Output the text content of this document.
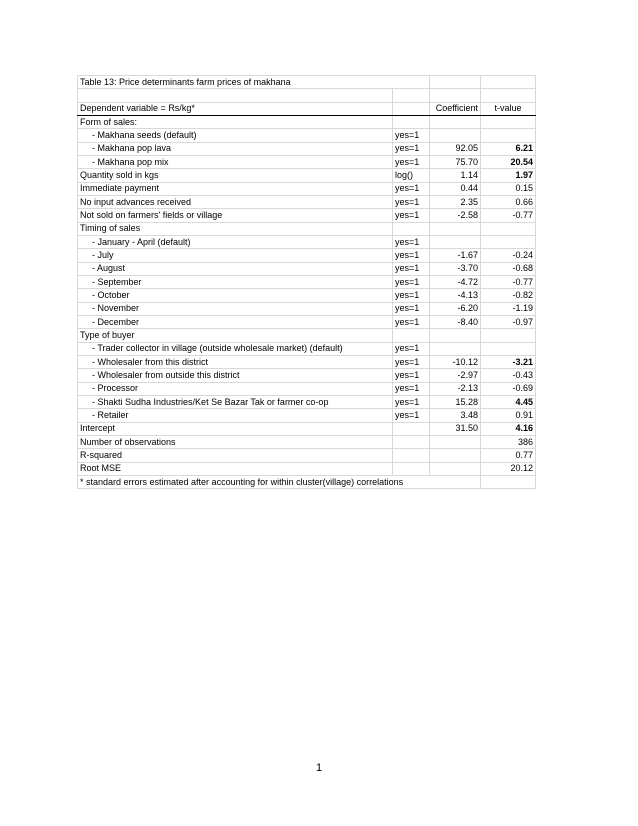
Table 13: Price determinants farm prices of makhana			

Dependent variable = Rs/kg*		Coefficient	t-value
Form of sales:			
- Makhana seeds (default)	yes=1		
- Makhana pop lava	yes=1	92.05	6.21
- Makhana pop mix	yes=1	75.70	20.54
Quantity sold in kgs	log()	1.14	1.97
Immediate payment	yes=1	0.44	0.15
No input advances received	yes=1	2.35	0.66
Not sold on farmers' fields or village	yes=1	-2.58	-0.77
Timing of sales			
- January - April (default)	yes=1		
- July	yes=1	-1.67	-0.24
- August	yes=1	-3.70	-0.68
- September	yes=1	-4.72	-0.77
- October	yes=1	-4.13	-0.82
- November	yes=1	-6.20	-1.19
- December	yes=1	-8.40	-0.97
Type of buyer			
- Trader collector in village (outside wholesale market) (default)	yes=1		
- Wholesaler from this district	yes=1	-10.12	-3.21
- Wholesaler from outside this district	yes=1	-2.97	-0.43
- Processor	yes=1	-2.13	-0.69
- Shakti Sudha Industries/Ket Se Bazar Tak or farmer co-op	yes=1	15.28	4.45
- Retailer	yes=1	3.48	0.91
Intercept		31.50	4.16
Number of observations			386
R-squared			0.77
Root MSE			20.12
* standard errors estimated after accounting for within cluster(village) correlations			
1
